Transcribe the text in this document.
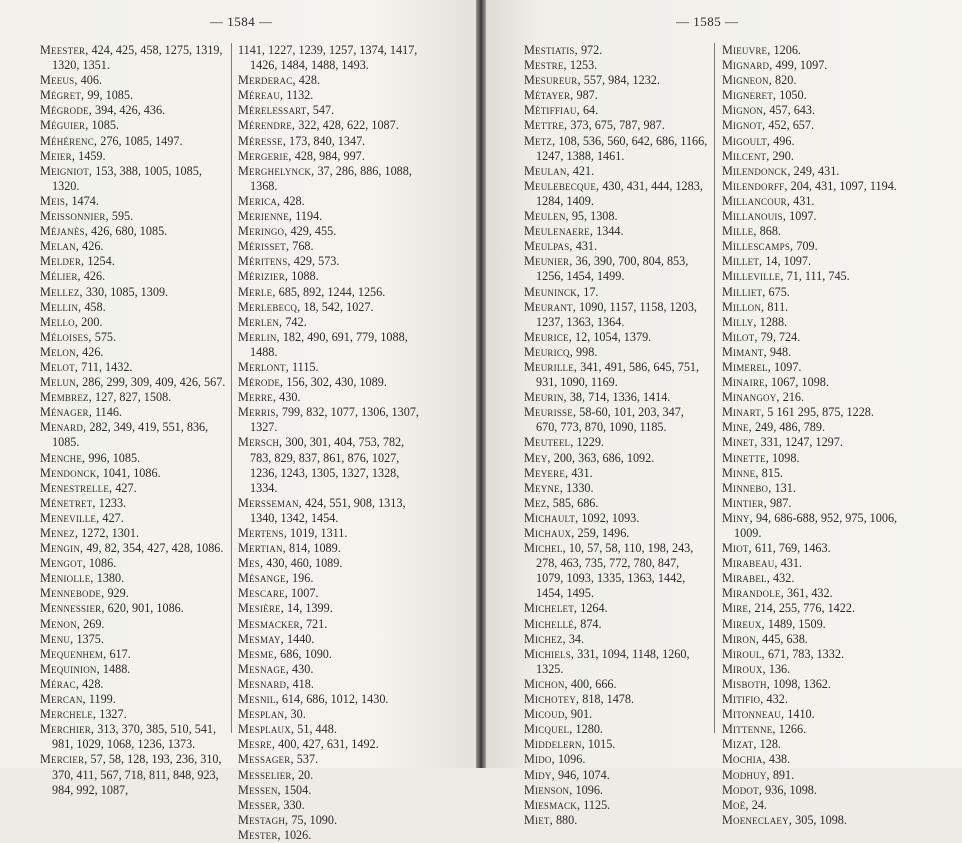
— 1584 —

Meester, 424, 425, 458, 1275, 1319, 1320, 1351.

Meeus, 406.

Mégret, 99, 1085.

Mégrode, 394, 426, 436.

Méguier, 1085.

Méhérenc, 276, 1085, 1497.

Meier, 1459.

Meigniot, 153, 388, 1005, 1085, 1320.

Meis, 1474.

Meissonnier, 595.

Méjanès, 426, 680, 1085.

Melan, 426.

Melder, 1254.

Mélier, 426.

Mellez, 330, 1085, 1309.

Mellin, 458.

Mello, 200.

Méloises, 575.

Melon, 426.

Melot, 711, 1432.

Melun, 286, 299, 309, 409, 426, 567.

Membrez, 127, 827, 1508.

Ménager, 1146.

Menard, 282, 349, 419, 551, 836, 1085.

Menche, 996, 1085.

Mendonck, 1041, 1086.

Menestrelle, 427.

Ménetret, 1233.

Meneville, 427.

Menez, 1272, 1301.

Mengin, 49, 82, 354, 427, 428, 1086.

Mengot, 1086.

Meniolle, 1380.

Mennebode, 929.

Mennessier, 620, 901, 1086.

Menon, 269.

Menu, 1375.

Mequenhem, 617.

Mequinion, 1488.

Mérac, 428.

Mercan, 1199.

Merchele, 1327.

Merchier, 313, 370, 385, 510, 541, 981, 1029, 1068, 1236, 1373.

Mercier, 57, 58, 128, 193, 236, 310, 370, 411, 567, 718, 811, 848, 923, 984, 992, 1087,

1141, 1227, 1239, 1257, 1374, 1417, 1426, 1484, 1488, 1493.

Merderac, 428.

Méreau, 1132.

Mérelessart, 547.

Mérendre, 322, 428, 622, 1087.

Méresse, 173, 840, 1347.

Mergerie, 428, 984, 997.

Merghelynck, 37, 286, 886, 1088, 1368.

Merica, 428.

Merienne, 1194.

Meringo, 429, 455.

Mérisset, 768.

Méritens, 429, 573.

Mérizier, 1088.

Merle, 685, 892, 1244, 1256.

Merlebecq, 18, 542, 1027.

Merlen, 742.

Merlin, 182, 490, 691, 779, 1088, 1488.

Merlont, 1115.

Mérode, 156, 302, 430, 1089.

Merre, 430.

Merris, 799, 832, 1077, 1306, 1307, 1327.

Mersch, 300, 301, 404, 753, 782, 783, 829, 837, 861, 876, 1027, 1236, 1243, 1305, 1327, 1328, 1334.

Mersseman, 424, 551, 908, 1313, 1340, 1342, 1454.

Mertens, 1019, 1311.

Mertian, 814, 1089.

Mes, 430, 460, 1089.

Mésange, 196.

Mescare, 1007.

Mesière, 14, 1399.

Mesmacker, 721.

Mesmay, 1440.

Mesme, 686, 1090.

Mesnage, 430.

Mesnard, 418.

Mesnil, 614, 686, 1012, 1430.

Mesplan, 30.

Mesplaux, 51, 448.

Mesre, 400, 427, 631, 1492.

Messager, 537.

Messelier, 20.

Messen, 1504.

Messer, 330.

Mestagh, 75, 1090.

Mester, 1026.

— 1585 —

Mestiatis, 972.

Mestre, 1253.

Mesureur, 557, 984, 1232.

Métayer, 987.

Métiffiau, 64.

Mettre, 373, 675, 787, 987.

Metz, 108, 536, 560, 642, 686, 1166, 1247, 1388, 1461.

Meulan, 421.

Meulebecque, 430, 431, 444, 1283, 1284, 1409.

Meulen, 95, 1308.

Meulenaere, 1344.

Meulpas, 431.

Meunier, 36, 390, 700, 804, 853, 1256, 1454, 1499.

Meuninck, 17.

Meurant, 1090, 1157, 1158, 1203, 1237, 1363, 1364.

Meurice, 12, 1054, 1379.

Meuricq, 998.

Meurille, 341, 491, 586, 645, 751, 931, 1090, 1169.

Meurin, 38, 714, 1336, 1414.

Meurisse, 58-60, 101, 203, 347, 670, 773, 870, 1090, 1185.

Meuteel, 1229.

Mey, 200, 363, 686, 1092.

Meyere, 431.

Meyne, 1330.

Mez, 585, 686.

Michault, 1092, 1093.

Michaux, 259, 1496.

Michel, 10, 57, 58, 110, 198, 243, 278, 463, 735, 772, 780, 847, 1079, 1093, 1335, 1363, 1442, 1454, 1495.

Michelet, 1264.

Michellé, 874.

Michez, 34.

Michiels, 331, 1094, 1148, 1260, 1325.

Michon, 400, 666.

Michotey, 818, 1478.

Micoud, 901.

Micquel, 1280.

Middelern, 1015.

Mido, 1096.

Midy, 946, 1074.

Mienson, 1096.

Miesmack, 1125.

Miet, 880.

Mieuvre, 1206.

Mignard, 499, 1097.

Migneon, 820.

Migneret, 1050.

Mignon, 457, 643.

Mignot, 452, 657.

Migoult, 496.

Milcent, 290.

Milendonck, 249, 431.

Milendorff, 204, 431, 1097, 1194.

Millancour, 431.

Millanouis, 1097.

Mille, 868.

Millescamps, 709.

Millet, 14, 1097.

Milleville, 71, 111, 745.

Milliet, 675.

Millon, 811.

Milly, 1288.

Milot, 79, 724.

Mimant, 948.

Mimerel, 1097.

Minaire, 1067, 1098.

Minangoy, 216.

Minart, 5 161 295, 875, 1228.

Mine, 249, 486, 789.

Minet, 331, 1247, 1297.

Minette, 1098.

Minne, 815.

Minnebo, 131.

Mintier, 987.

Miny, 94, 686-688, 952, 975, 1006, 1009.

Miot, 611, 769, 1463.

Mirabeau, 431.

Mirabel, 432.

Mirandole, 361, 432.

Mire, 214, 255, 776, 1422.

Mireux, 1489, 1509.

Miron, 445, 638.

Miroul, 671, 783, 1332.

Miroux, 136.

Misboth, 1098, 1362.

Mitifio, 432.

Mitonneau, 1410.

Mittenne, 1266.

Mizat, 128.

Mochia, 438.

Modhuy, 891.

Modot, 936, 1098.

Moë, 24.

Moeneclaey, 305, 1098.
